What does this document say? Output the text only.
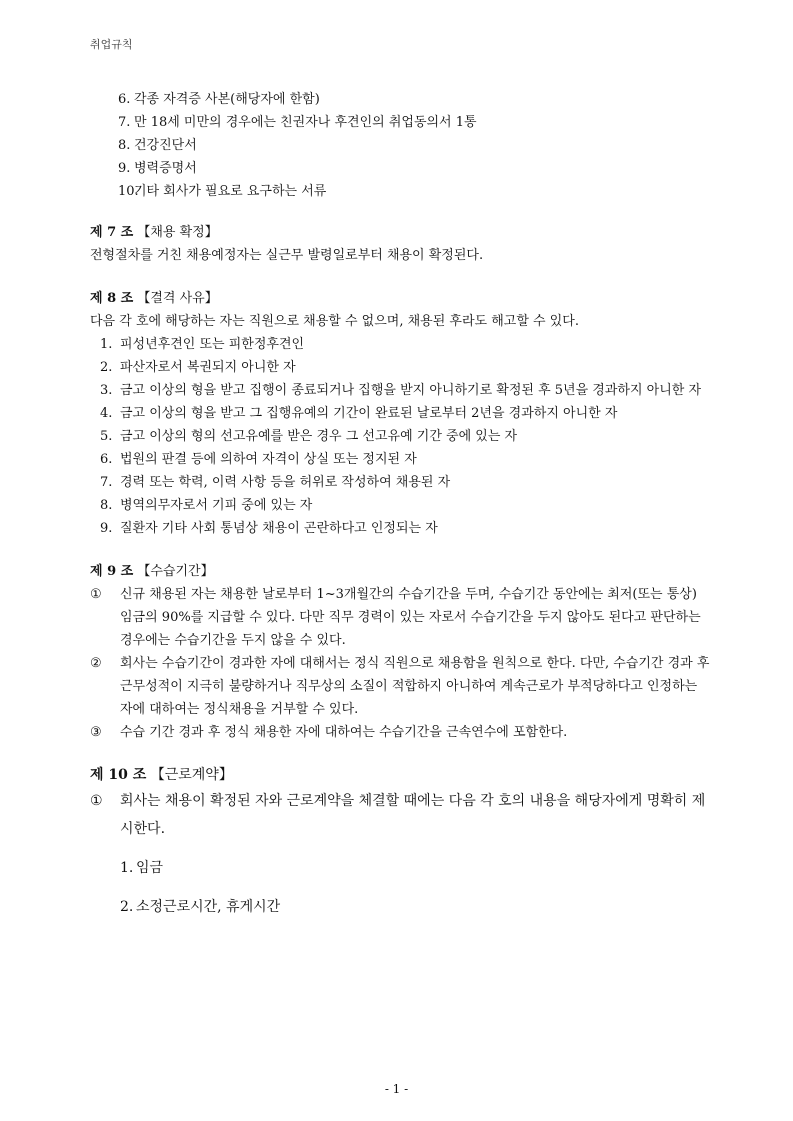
취업규칙
6. 각종 자격증 사본(해당자에 한함)
7. 만 18세 미만의 경우에는 친권자나 후견인의 취업동의서 1통
8. 건강진단서
9. 병력증명서
10.
기타 회사가 필요로 요구하는 서류
제 7 조 【채용 확정】
전형절차를 거친 채용예정자는 실근무 발령일로부터 채용이 확정된다.
제 8 조 【결격 사유】
다음 각 호에 해당하는 자는 직원으로 채용할 수 없으며, 채용된 후라도 해고할 수 있다.
1. 피성년후견인 또는 피한정후견인
2. 파산자로서 복권되지 아니한 자
3. 금고 이상의 형을 받고 집행이 종료되거나 집행을 받지 아니하기로 확정된 후 5년을 경과하지 아니한 자
4. 금고 이상의 형을 받고 그 집행유예의 기간이 완료된 날로부터 2년을 경과하지 아니한 자
5. 금고 이상의 형의 선고유예를 받은 경우 그 선고유예 기간 중에 있는 자
6. 법원의 판결 등에 의하여 자격이 상실 또는 정지된 자
7. 경력 또는 학력, 이력 사항 등을 허위로 작성하여 채용된 자
8. 병역의무자로서 기피 중에 있는 자
9. 질환자 기타 사회 통념상 채용이 곤란하다고 인정되는 자
제 9 조 【수습기간】
① 신규 채용된 자는 채용한 날로부터 1~3개월간의 수습기간을 두며, 수습기간 동안에는 최저(또는 통상) 임금의 90%를 지급할 수 있다. 다만 직무 경력이 있는 자로서 수습기간을 두지 않아도 된다고 판단하는 경우에는 수습기간을 두지 않을 수 있다.
② 회사는 수습기간이 경과한 자에 대해서는 정식 직원으로 채용함을 원칙으로 한다. 다만, 수습기간 경과 후 근무성적이 지극히 불량하거나 직무상의 소질이 적합하지 아니하여 계속근로가 부적당하다고 인정하는 자에 대하여는 정식채용을 거부할 수 있다.
③ 수습 기간 경과 후 정식 채용한 자에 대하여는 수습기간을 근속연수에 포함한다.
제 10 조 【근로계약】
① 회사는 채용이 확정된 자와 근로계약을 체결할 때에는 다음 각 호의 내용을 해당자에게 명확히 제시한다.
1. 임금
2. 소정근로시간, 휴게시간
- 1 -
